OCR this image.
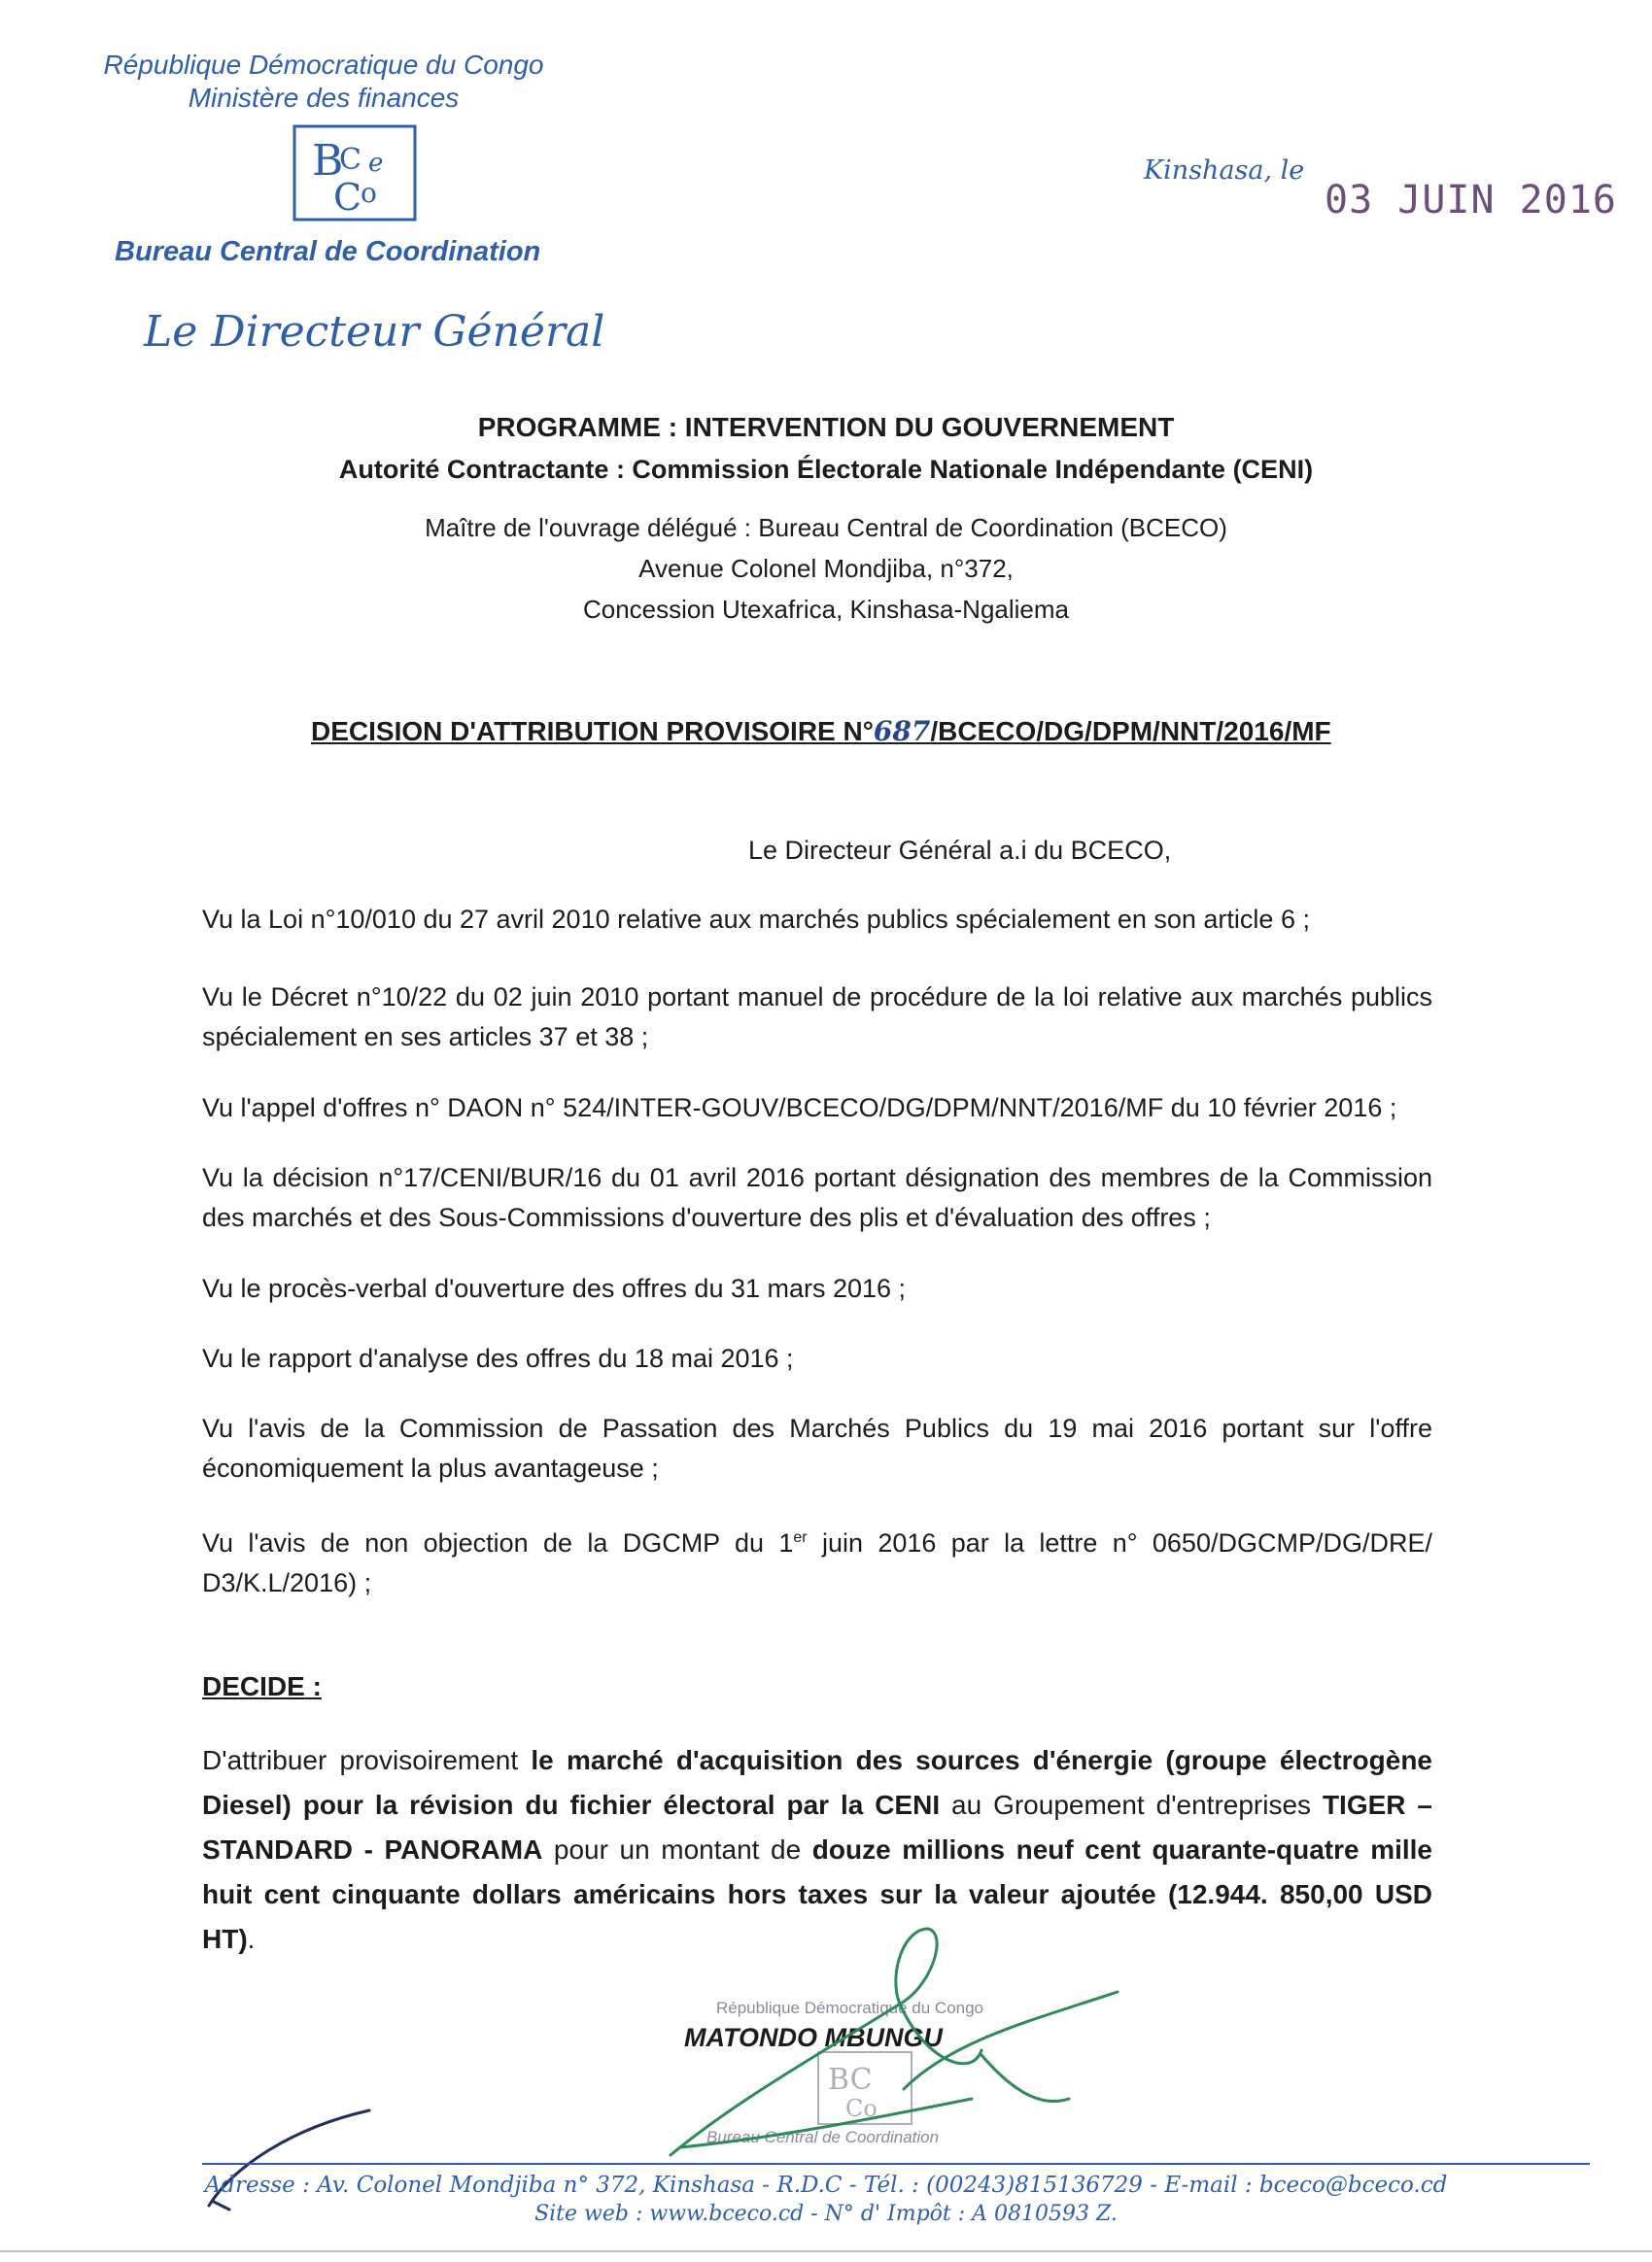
République Démocratique du Congo
Ministère des finances
B
C e
C
o
Bureau Central de Coordination
Le Directeur Général
Kinshasa, le
03 JUIN 2016
PROGRAMME : INTERVENTION DU GOUVERNEMENT
Autorité Contractante : Commission Électorale Nationale Indépendante (CENI)
Maître de l'ouvrage délégué : Bureau Central de Coordination (BCECO)
Avenue Colonel Mondjiba, n°372,
Concession Utexafrica, Kinshasa-Ngaliema
DECISION D'ATTRIBUTION PROVISOIRE N°687/BCECO/DG/DPM/NNT/2016/MF
Le Directeur Général a.i du BCECO,
Vu la Loi n°10/010 du 27 avril 2010 relative aux marchés publics spécialement en son article 6 ;
Vu le Décret n°10/22 du 02 juin 2010 portant manuel de procédure de la loi relative aux marchés publics spécialement en ses articles 37 et 38 ;
Vu l'appel d'offres n° DAON n° 524/INTER-GOUV/BCECO/DG/DPM/NNT/2016/MF du 10 février 2016 ;
Vu la décision n°17/CENI/BUR/16 du 01 avril 2016 portant désignation des membres de la Commission des marchés et des Sous-Commissions d'ouverture des plis et d'évaluation des offres ;
Vu le procès-verbal d'ouverture des offres du 31 mars 2016 ;
Vu le rapport d'analyse des offres du 18 mai 2016 ;
Vu l'avis de la Commission de Passation des Marchés Publics du 19 mai 2016 portant sur l'offre économiquement la plus avantageuse ;
Vu l'avis de non objection de la DGCMP du 1er juin 2016 par la lettre n° 0650/DGCMP/DG/DRE/ D3/K.L/2016) ;
DECIDE :
D'attribuer provisoirement le marché d'acquisition des sources d'énergie (groupe électrogène Diesel) pour la révision du fichier électoral par la CENI au Groupement d'entreprises TIGER – STANDARD - PANORAMA pour un montant de douze millions neuf cent quarante-quatre mille huit cent cinquante dollars américains hors taxes sur la valeur ajoutée (12.944. 850,00 USD HT).
République Démocratique du Congo
MATONDO MBUNGU
Bureau Central de Coordination
BC
Co
Adresse : Av. Colonel Mondjiba n° 372, Kinshasa - R.D.C - Tél. : (00243)815136729 - E-mail : bceco@bceco.cd
Site web : www.bceco.cd - N° d' Impôt : A 0810593 Z.
